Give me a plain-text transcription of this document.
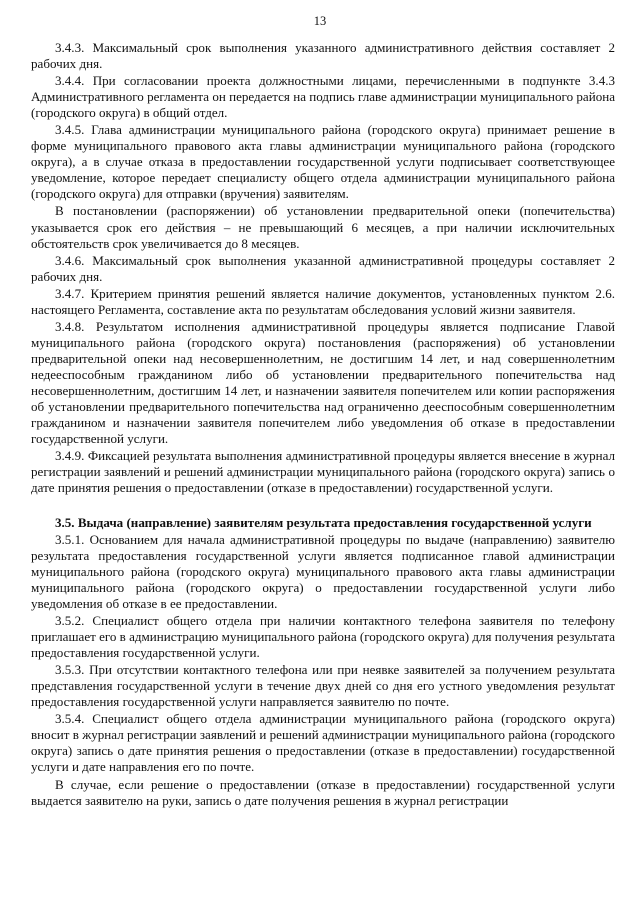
13

3.4.3. Максимальный срок выполнения указанного административного действия составляет 2 рабочих дня.

3.4.4. При согласовании проекта должностными лицами, перечисленными в подпункте 3.4.3 Административного регламента он передается на подпись главе администрации муниципального района (городского округа) в общий отдел.

3.4.5. Глава администрации муниципального района (городского округа) принимает решение в форме муниципального правового акта главы администрации муниципального района (городского округа), а в случае отказа в предоставлении государственной услуги подписывает соответствующее уведомление, которое передает специалисту общего отдела администрации муниципального района (городского округа) для отправки (вручения) заявителям.

В постановлении (распоряжении) об установлении предварительной опеки (попечительства) указывается срок его действия – не превышающий 6 месяцев, а при наличии исключительных обстоятельств срок увеличивается до 8 месяцев.

3.4.6. Максимальный срок выполнения указанной административной процедуры составляет 2 рабочих дня.

3.4.7. Критерием принятия решений является наличие документов, установленных пунктом 2.6. настоящего Регламента, составление акта по результатам обследования условий жизни заявителя.

3.4.8. Результатом исполнения административной процедуры является подписание Главой муниципального района (городского округа) постановления (распоряжения) об установлении предварительной опеки над несовершеннолетним, не достигшим 14 лет, и над совершеннолетним недееспособным гражданином либо об установлении предварительного попечительства над несовершеннолетним, достигшим 14 лет, и назначении заявителя попечителем или копии распоряжения об установлении предварительного попечительства над ограниченно дееспособным совершеннолетним гражданином и назначении заявителя попечителем либо уведомления об отказе в предоставлении государственной услуги.

3.4.9. Фиксацией результата выполнения административной процедуры является внесение в журнал регистрации заявлений и решений администрации муниципального района (городского округа) запись о дате принятия решения о предоставлении (отказе в предоставлении) государственной услуги.

3.5. Выдача (направление) заявителям результата предоставления государственной услуги

3.5.1. Основанием для начала административной процедуры по выдаче (направлению) заявителю результата предоставления государственной услуги является подписанное главой администрации муниципального района (городского округа) муниципального правового акта главы администрации муниципального района (городского округа) о предоставлении государственной услуги либо уведомления об отказе в ее предоставлении.

3.5.2. Специалист общего отдела при наличии контактного телефона заявителя по телефону приглашает его в администрацию муниципального района (городского округа) для получения результата предоставления государственной услуги.

3.5.3. При отсутствии контактного телефона или при неявке заявителей за получением результата представления государственной услуги в течение двух дней со дня его устного уведомления результат предоставления государственной услуги направляется заявителю по почте.

3.5.4. Специалист общего отдела администрации муниципального района (городского округа) вносит в журнал регистрации заявлений и решений администрации муниципального района (городского округа) запись о дате принятия решения о предоставлении (отказе в предоставлении) государственной услуги и дате направления его по почте.

В случае, если решение о предоставлении (отказе в предоставлении) государственной услуги выдается заявителю на руки, запись о дате получения решения в журнал регистрации
